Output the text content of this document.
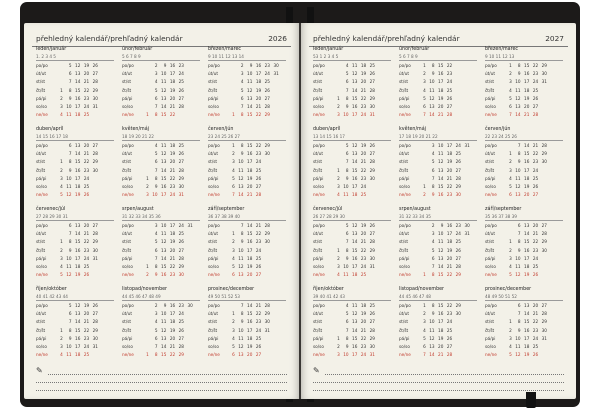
přehledný kalendář/prehľadný kalendár	2026
leden/január
1. 2 3 4 5
po/po	5 12 19 26
út/ut	6 13 20 27
st/st	7 14 21 28
čt/št	1 8 15 22 29
pá/pi	2 9 16 23 30
so/so	3 10 17 24 31
ne/ne	4 11 18 25
únor/február
5 6 7 8 9
po/po	2 9 16 23
út/ut	3 10 17 24
st/st	4 11 18 25
čt/št	5 12 19 26
pá/pi	6 13 20 27
so/so	7 14 21 28
ne/ne	1 8 15 22
březen/marec
9 10 11 12 13 14
po/po	2 9 16 23 30
út/ut	3 10 17 24 31
st/st	4 11 18 25
čt/št	5 12 19 26
pá/pi	6 13 20 27
so/so	7 14 21 28
ne/ne	1 8 15 22 29
duben/apríl
14 15 16 17 18
po/po	6 13 20 27
út/ut	7 14 21 28
st/st	1 8 15 22 29
čt/št	2 9 16 23 30
pá/pi	3 10 17 24
so/so	4 11 18 25
ne/ne	5 12 19 26
květen/máj
18 19 20 21 22
po/po	4 11 18 25
út/ut	5 12 19 26
st/st	6 13 20 27
čt/št	7 14 21 28
pá/pi	1 8 15 22 29
so/so	2 9 16 23 30
ne/ne	3 10 17 24 31
červen/jún
23 24 25 26 27
po/po	1 8 15 22 29
út/ut	2 9 16 23 30
st/st	3 10 17 24
čt/št	4 11 18 25
pá/pi	5 12 19 26
so/so	6 13 20 27
ne/ne	7 14 21 28
červenec/júl
27 28 29 30 31
po/po	6 13 20 27
út/ut	7 14 21 28
st/st	1 8 15 22 29
čt/št	2 9 16 23 30
pá/pi	3 10 17 24 31
so/so	4 11 18 25
ne/ne	5 12 19 26
srpen/august
31 32 33 34 35 36
po/po	3 10 17 24 31
út/ut	4 11 18 25
st/st	5 12 19 26
čt/št	6 13 20 27
pá/pi	7 14 21 28
so/so	1 8 15 22 29
ne/ne	2 9 16 23 30
září/september
36 37 38 39 40
po/po	7 14 21 28
út/ut	1 8 15 22 29
st/st	2 9 16 23 30
čt/št	3 10 17 24
pá/pi	4 11 18 25
so/so	5 12 19 26
ne/ne	6 13 20 27
říjen/október
40 41 42 43 44
po/po	5 12 19 26
út/ut	6 13 20 27
st/st	7 14 21 28
čt/št	1 8 15 22 29
pá/pi	2 9 16 23 30
so/so	3 10 17 24 31
ne/ne	4 11 18 25
listopad/november
44 45 46 47 48 49
po/po	2 9 16 23 30
út/ut	3 10 17 24
st/st	4 11 18 25
čt/št	5 12 19 26
pá/pi	6 13 20 27
so/so	7 14 21 28
ne/ne	1 8 15 22 29
prosinec/december
49 50 51 52 53
po/po	7 14 21 28
út/ut	1 8 15 22 29
st/st	2 9 16 23 30
čt/št	3 10 17 24 31
pá/pi	4 11 18 25
so/so	5 12 19 26
ne/ne	6 13 20 27
✎
přehledný kalendář/prehľadný kalendár	2027
leden/január
53 1 2 3 4 5
po/po	4 11 18 25
út/ut	5 12 19 26
st/st	6 13 20 27
čt/št	7 14 21 28
pá/pi	1 8 15 22 29
so/so	2 9 16 23 30
ne/ne	3 10 17 24 31
únor/február
5 6 7 8 9
po/po	1 8 15 22
út/ut	2 9 16 23
st/st	3 10 17 24
čt/št	4 11 18 25
pá/pi	5 12 19 26
so/so	6 13 20 27
ne/ne	7 14 21 28
březen/marec
9 10 11 12 13
po/po	1 8 15 22 29
út/ut	2 9 16 23 30
st/st	3 10 17 24 31
čt/št	4 11 18 25
pá/pi	5 12 19 26
so/so	6 13 20 27
ne/ne	7 14 21 28
duben/apríl
13 14 15 16 17
po/po	5 12 19 26
út/ut	6 13 20 27
st/st	7 14 21 28
čt/št	1 8 15 22 29
pá/pi	2 9 16 23 30
so/so	3 10 17 24
ne/ne	4 11 18 25
květen/máj
17 18 19 20 21 22
po/po	3 10 17 24 31
út/ut	4 11 18 25
st/st	5 12 19 26
čt/št	6 13 20 27
pá/pi	7 14 21 28
so/so	1 8 15 22 29
ne/ne	2 9 16 23 30
červen/jún
22 23 24 25 26
po/po	7 14 21 28
út/ut	1 8 15 22 29
st/st	2 9 16 23 30
čt/št	3 10 17 24
pá/pi	4 11 18 25
so/so	5 12 19 26
ne/ne	6 13 20 27
červenec/júl
26 27 28 29 30
po/po	5 12 19 26
út/ut	6 13 20 27
st/st	7 14 21 28
čt/št	1 8 15 22 29
pá/pi	2 9 16 23 30
so/so	3 10 17 24 31
ne/ne	4 11 18 25
srpen/august
31 32 33 34 35
po/po	2 9 16 23 30
út/ut	3 10 17 24 31
st/st	4 11 18 25
čt/št	5 12 19 26
pá/pi	6 13 20 27
so/so	7 14 21 28
ne/ne	1 8 15 22 29
září/september
35 36 37 38 39
po/po	6 13 20 27
út/ut	7 14 21 28
st/st	1 8 15 22 29
čt/št	2 9 16 23 30
pá/pi	3 10 17 24
so/so	4 11 18 25
ne/ne	5 12 19 26
říjen/október
39 40 41 42 43
po/po	4 11 18 25
út/ut	5 12 19 26
st/st	6 13 20 27
čt/št	7 14 21 28
pá/pi	1 8 15 22 29
so/so	2 9 16 23 30
ne/ne	3 10 17 24 31
listopad/november
44 45 46 47 48
po/po	1 8 15 22 29
út/ut	2 9 16 23 30
st/st	3 10 17 24
čt/št	4 11 18 25
pá/pi	5 12 19 26
so/so	6 13 20 27
ne/ne	7 14 21 28
prosinec/december
48 49 50 51 52
po/po	6 13 20 27
út/ut	7 14 21 28
st/st	1 8 15 22 29
čt/št	2 9 16 23 30
pá/pi	3 10 17 24 31
so/so	4 11 18 25
ne/ne	5 12 19 26
✎
